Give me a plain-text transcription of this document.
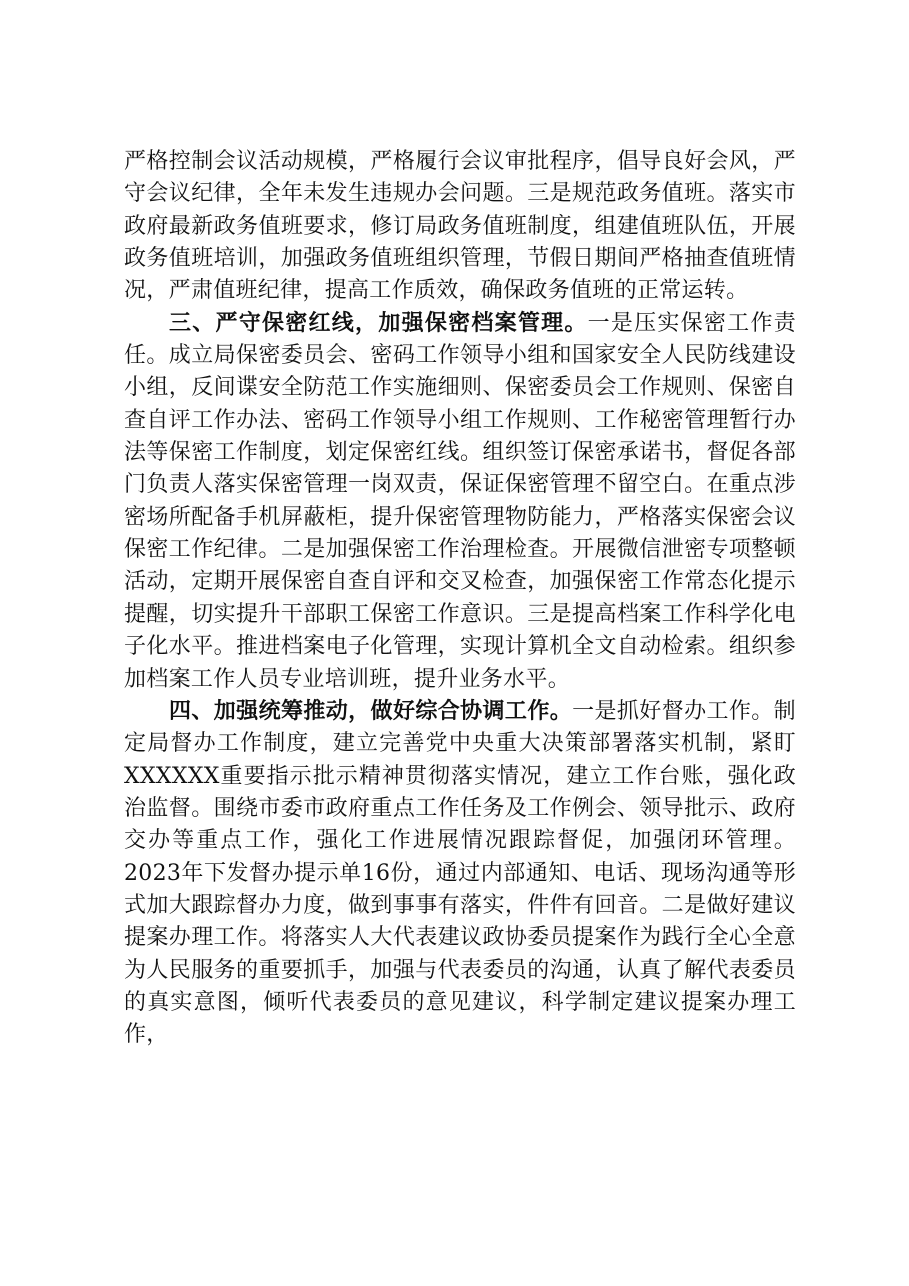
严格控制会议活动规模，严格履行会议审批程序，倡导良好会风，严守会议纪律，全年未发生违规办会问题。三是规范政务值班。落实市政府最新政务值班要求，修订局政务值班制度，组建值班队伍，开展政务值班培训，加强政务值班组织管理，节假日期间严格抽查值班情况，严肃值班纪律，提高工作质效，确保政务值班的正常运转。

三、严守保密红线，加强保密档案管理。一是压实保密工作责任。成立局保密委员会、密码工作领导小组和国家安全人民防线建设小组，反间谍安全防范工作实施细则、保密委员会工作规则、保密自查自评工作办法、密码工作领导小组工作规则、工作秘密管理暂行办法等保密工作制度，划定保密红线。组织签订保密承诺书，督促各部门负责人落实保密管理一岗双责，保证保密管理不留空白。在重点涉密场所配备手机屏蔽柜，提升保密管理物防能力，严格落实保密会议保密工作纪律。二是加强保密工作治理检查。开展微信泄密专项整顿活动，定期开展保密自查自评和交叉检查，加强保密工作常态化提示提醒，切实提升干部职工保密工作意识。三是提高档案工作科学化电子化水平。推进档案电子化管理，实现计算机全文自动检索。组织参加档案工作人员专业培训班，提升业务水平。

四、加强统筹推动，做好综合协调工作。一是抓好督办工作。制定局督办工作制度，建立完善党中央重大决策部署落实机制，紧盯XXXXXX重要指示批示精神贯彻落实情况，建立工作台账，强化政治监督。围绕市委市政府重点工作任务及工作例会、领导批示、政府交办等重点工作，强化工作进展情况跟踪督促，加强闭环管理。2023年下发督办提示单16份，通过内部通知、电话、现场沟通等形式加大跟踪督办力度，做到事事有落实，件件有回音。二是做好建议提案办理工作。将落实人大代表建议政协委员提案作为践行全心全意为人民服务的重要抓手，加强与代表委员的沟通，认真了解代表委员的真实意图，倾听代表委员的意见建议，科学制定建议提案办理工作，
